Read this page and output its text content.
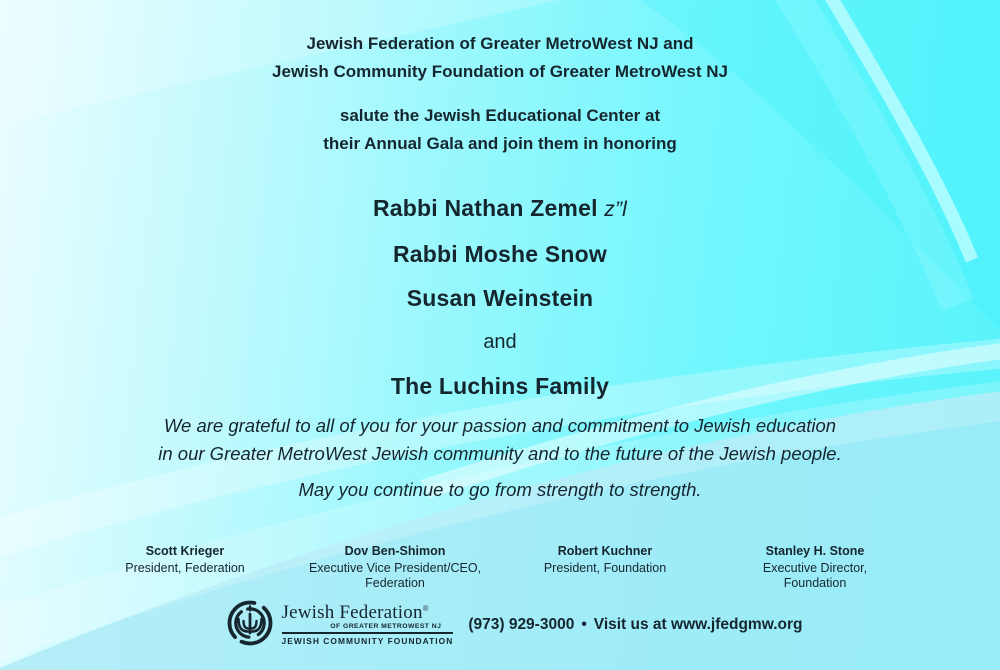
Jewish Federation of Greater MetroWest NJ and
Jewish Community Foundation of Greater MetroWest NJ
salute the Jewish Educational Center at
their Annual Gala and join them in honoring
Rabbi Nathan Zemel z”l
Rabbi Moshe Snow
Susan Weinstein
and
The Luchins Family
We are grateful to all of you for your passion and commitment to Jewish education
in our Greater MetroWest Jewish community and to the future of the Jewish people.
May you continue to go from strength to strength.
Scott Krieger
President, Federation
Dov Ben-Shimon
Executive Vice President/CEO,
Federation
Robert Kuchner
President, Foundation
Stanley H. Stone
Executive Director,
Foundation
Jewish Federation®
OF GREATER METROWEST NJ
JEWISH COMMUNITY FOUNDATION
(973) 929-3000 • Visit us at www.jfedgmw.org
